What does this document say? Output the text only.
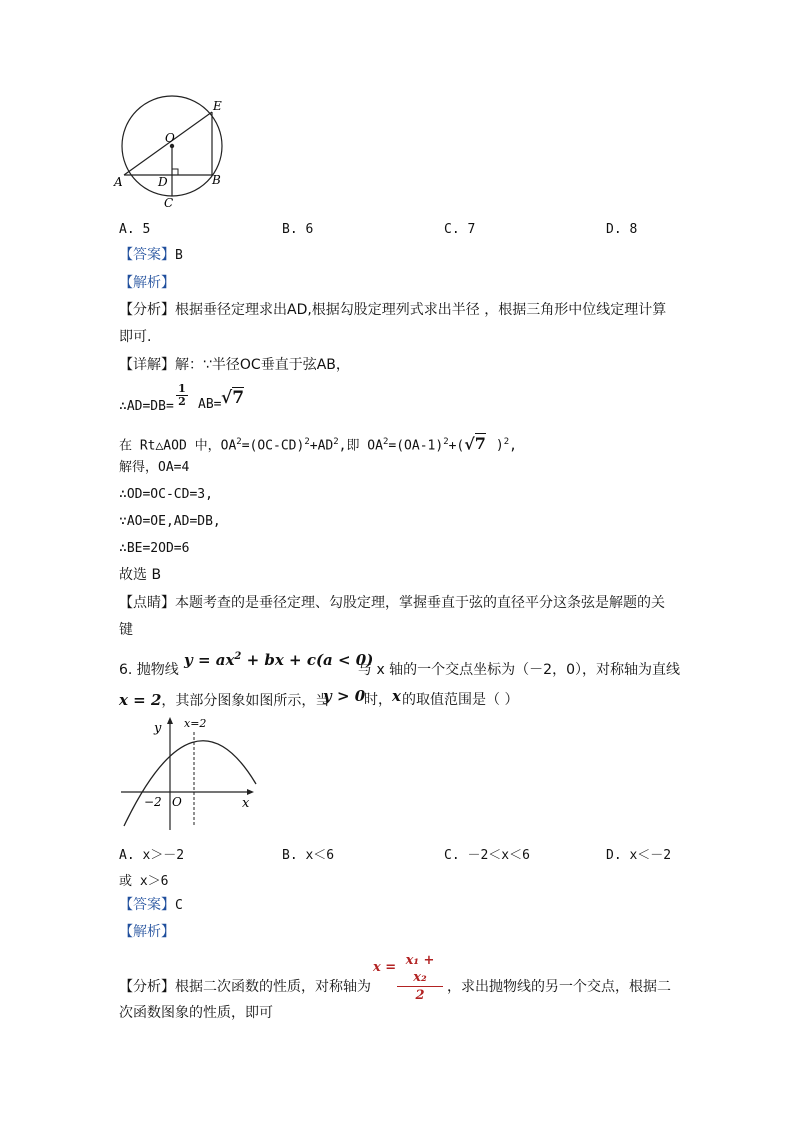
O
E
A	B
D
C
A. 5	B. 6	C. 7	D. 8
【答案】B
【解析】
【分析】根据垂径定理求出AD,根据勾股定理列式求出半径 ，根据三角形中位线定理计算
即可.
【详解】解：∵半径OC垂直于弦AB，
∴AD=DB= $\frac{1}{2} AB= √7$
在 Rt△AOD 中，$OA^2=(OC-CD)^2+AD^2$,即 $OA^2=(OA-1)^2+(√7$ )$^2$,
解得，OA=4
∴OD=OC-CD=3,
∵AO=OE,AD=DB,
∴BE=2OD=6
故选 B
【点睛】本题考查的是垂径定理、勾股定理，掌握垂直于弦的直径平分这条弦是解题的关
键
6. 抛物线
$y = ax^2$ + bx + c(a < 0)
与 x 轴的一个交点坐标为（－2，0），对称轴为直线
x = 2，其部分图象如图所示，当
y > 0
时， x 的取值范围是（ ）
y
x
x=2
−2 O
A. x＞－2	B. x＜6	C. －2＜x＜6	D. x＜－2
或 x＞6
【答案】C
【解析】
【分析】根据二次函数的性质，对称轴为
$x = \frac{\text{x₁ + x₂}}{2}$ ，求出抛物线的另一个交点，根据二
次函数图象的性质，即可
